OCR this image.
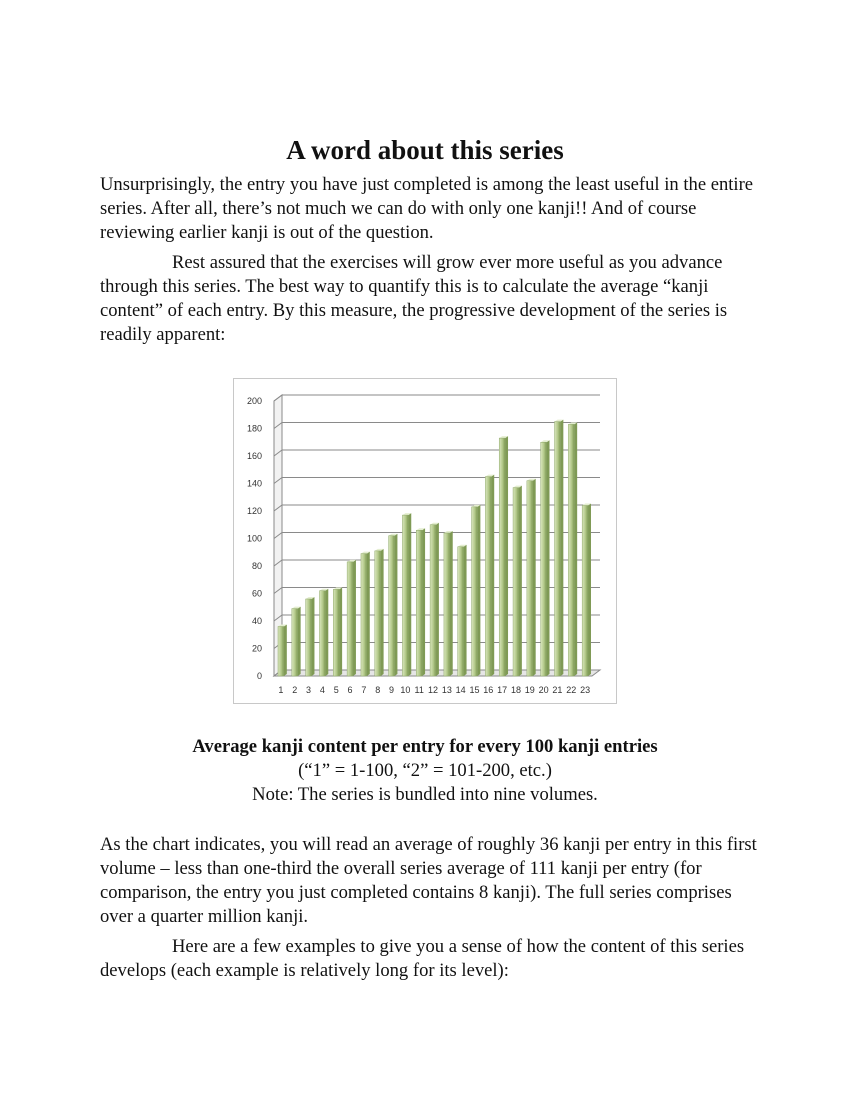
A word about this series

Unsurprisingly, the entry you have just completed is among the least useful in the entire series. After all, there’s not much we can do with only one kanji!! And of course reviewing earlier kanji is out of the question.

Rest assured that the exercises will grow ever more useful as you advance through this series. The best way to quantify this is to calculate the average “kanji content” of each entry. By this measure, the progressive development of the series is readily apparent:

0
20
40
60
80
100
120
140
160
180
200
1 2 3 4 5 6 7 8 9 10 11 12 13 14 15 16 17 18 19 20 21 22 23

Average kanji content per entry for every 100 kanji entries

(“1” = 1-100, “2” = 101-200, etc.)

Note: The series is bundled into nine volumes.

As the chart indicates, you will read an average of roughly 36 kanji per entry in this first volume – less than one-third the overall series average of 111 kanji per entry (for comparison, the entry you just completed contains 8 kanji). The full series comprises over a quarter million kanji.

Here are a few examples to give you a sense of how the content of this series develops (each example is relatively long for its level):
